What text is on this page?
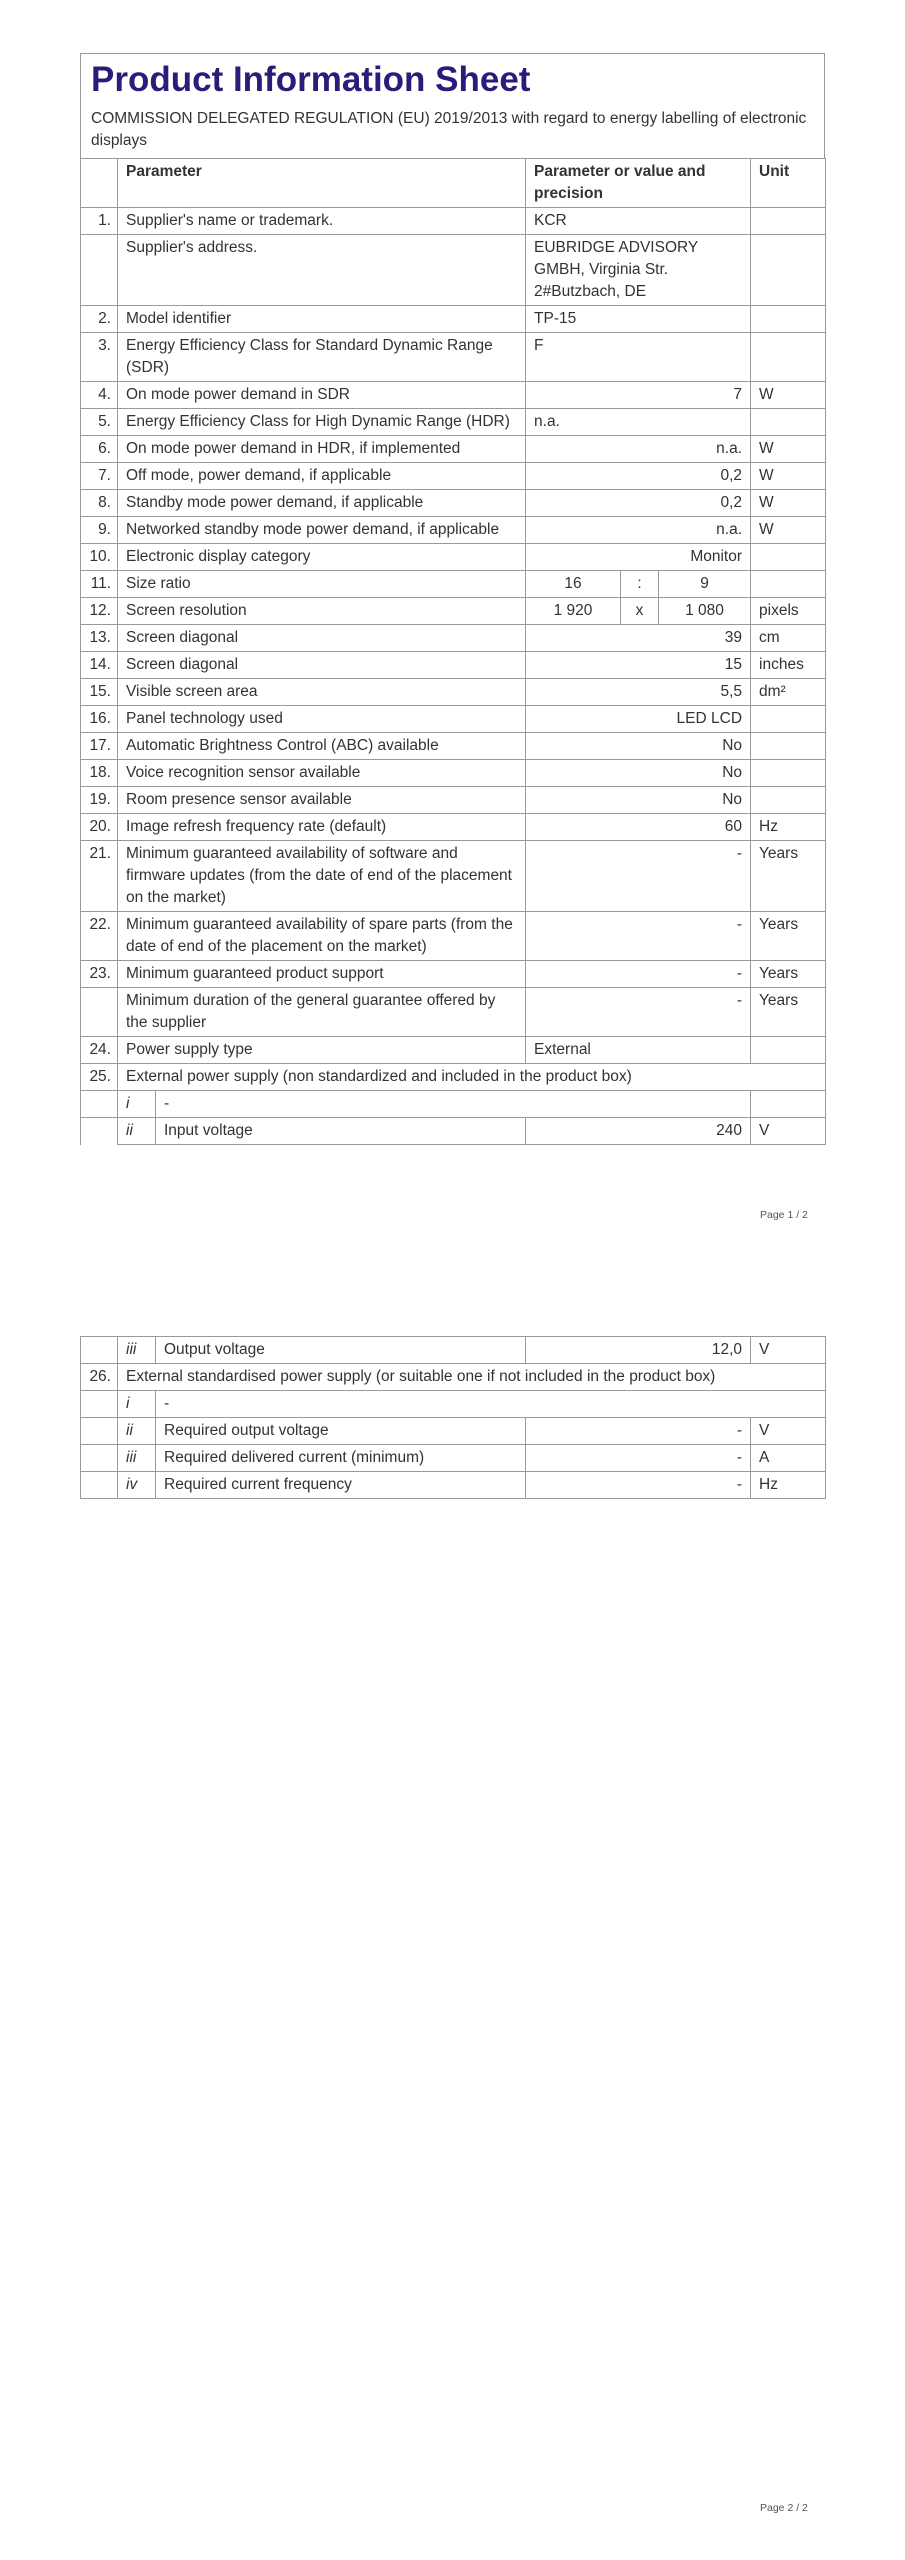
Product Information Sheet
COMMISSION DELEGATED REGULATION (EU) 2019/2013 with regard to energy labelling of electronic displays
	Parameter		Parameter or value and precision			Unit
1.	Supplier's name or trademark.		KCR			
	Supplier's address.		EUBRIDGE ADVISORY GMBH, Virginia Str. 2#Butzbach, DE			
2.	Model identifier		TP-15			
3.	Energy Efficiency Class for Standard Dynamic Range (SDR)		F			
4.	On mode power demand in SDR		7			W
5.	Energy Efficiency Class for High Dynamic Range (HDR)		n.a.			
6.	On mode power demand in HDR, if implemented		n.a.			W
7.	Off mode, power demand, if applicable		0,2			W
8.	Standby mode power demand, if applicable		0,2			W
9.	Networked standby mode power demand, if applicable		n.a.			W
10.	Electronic display category		Monitor			
11.	Size ratio		16	:	9	
12.	Screen resolution		1 920	x	1 080	pixels
13.	Screen diagonal		39			cm
14.	Screen diagonal		15			inches
15.	Visible screen area		5,5			dm²
16.	Panel technology used		LED LCD			
17.	Automatic Brightness Control (ABC) available		No			
18.	Voice recognition sensor available		No			
19.	Room presence sensor available		No			
20.	Image refresh frequency rate (default)		60			Hz
21.	Minimum guaranteed availability of software and firmware updates (from the date of end of the placement on the market)		-			Years
22.	Minimum guaranteed availability of spare parts (from the date of end of the placement on the market)		-			Years
23.	Minimum guaranteed product support		-			Years
	Minimum duration of the general guarantee offered by the supplier		-			Years
24.	Power supply type		External			
25.	External power supply (non standardized and included in the product box)					
	i	-				
	ii	Input voltage	240			V
Page 1 / 2
	iii	Output voltage	12,0	V
26.	External standardised power supply (or suitable one if not included in the product box)			
	i	-		
	ii	Required output voltage	-	V
	iii	Required delivered current (minimum)	-	A
	iv	Required current frequency	-	Hz
Page 2 / 2
